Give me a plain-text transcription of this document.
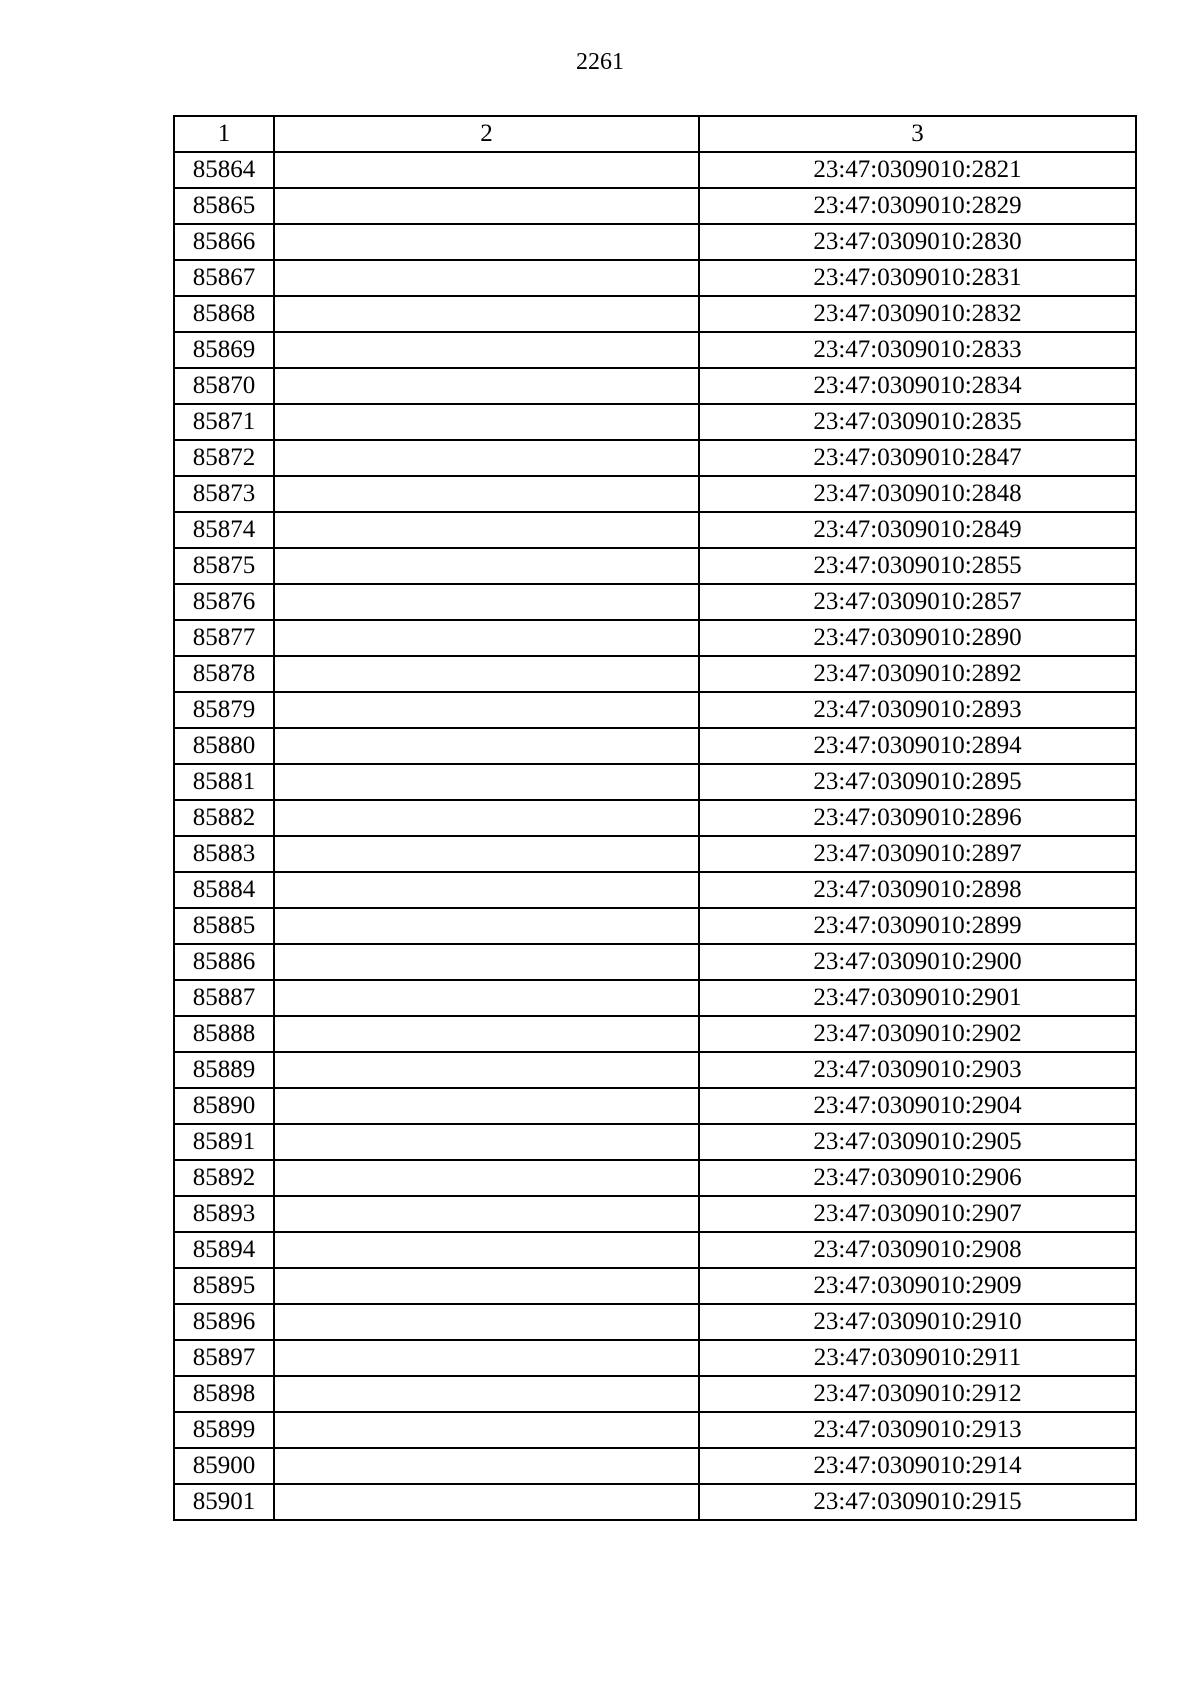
2261
1	2	3
85864		23:47:0309010:2821
85865		23:47:0309010:2829
85866		23:47:0309010:2830
85867		23:47:0309010:2831
85868		23:47:0309010:2832
85869		23:47:0309010:2833
85870		23:47:0309010:2834
85871		23:47:0309010:2835
85872		23:47:0309010:2847
85873		23:47:0309010:2848
85874		23:47:0309010:2849
85875		23:47:0309010:2855
85876		23:47:0309010:2857
85877		23:47:0309010:2890
85878		23:47:0309010:2892
85879		23:47:0309010:2893
85880		23:47:0309010:2894
85881		23:47:0309010:2895
85882		23:47:0309010:2896
85883		23:47:0309010:2897
85884		23:47:0309010:2898
85885		23:47:0309010:2899
85886		23:47:0309010:2900
85887		23:47:0309010:2901
85888		23:47:0309010:2902
85889		23:47:0309010:2903
85890		23:47:0309010:2904
85891		23:47:0309010:2905
85892		23:47:0309010:2906
85893		23:47:0309010:2907
85894		23:47:0309010:2908
85895		23:47:0309010:2909
85896		23:47:0309010:2910
85897		23:47:0309010:2911
85898		23:47:0309010:2912
85899		23:47:0309010:2913
85900		23:47:0309010:2914
85901		23:47:0309010:2915
